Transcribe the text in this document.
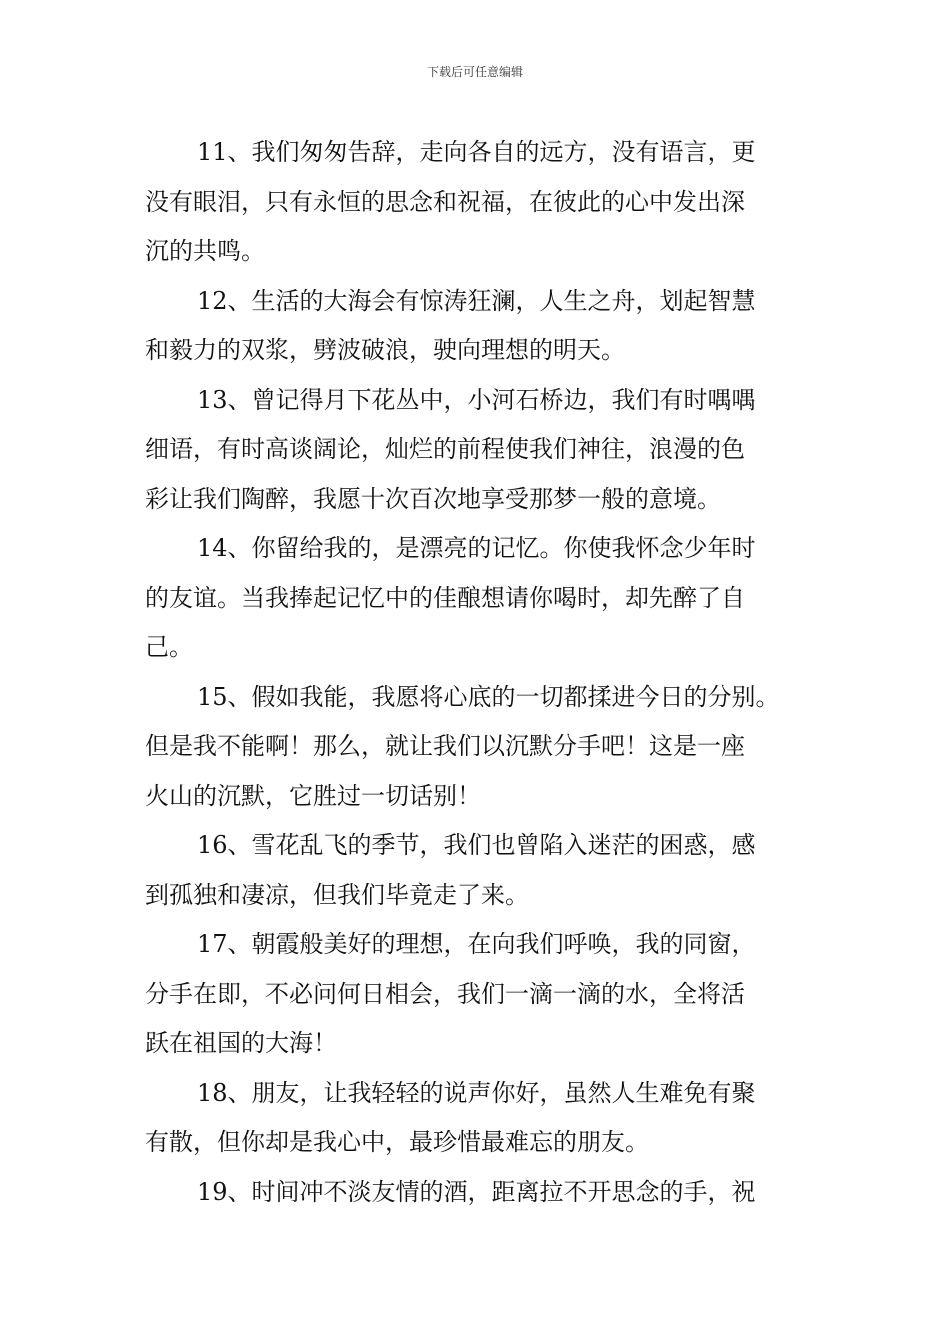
下载后可任意编辑
11、我们匆匆告辞，走向各自的远方，没有语言，更
没有眼泪，只有永恒的思念和祝福，在彼此的心中发出深
沉的共鸣。
12、生活的大海会有惊涛狂澜，人生之舟，划起智慧
和毅力的双浆，劈波破浪，驶向理想的明天。
13、曾记得月下花丛中，小河石桥边，我们有时喁喁
细语，有时高谈阔论，灿烂的前程使我们神往，浪漫的色
彩让我们陶醉，我愿十次百次地享受那梦一般的意境。
14、你留给我的，是漂亮的记忆。你使我怀念少年时
的友谊。当我捧起记忆中的佳酿想请你喝时，却先醉了自
己。
15、假如我能，我愿将心底的一切都揉进今日的分别。
但是我不能啊！那么，就让我们以沉默分手吧！这是一座
火山的沉默，它胜过一切话别！
16、雪花乱飞的季节，我们也曾陷入迷茫的困惑，感
到孤独和凄凉，但我们毕竟走了来。
17、朝霞般美好的理想，在向我们呼唤，我的同窗，
分手在即，不必问何日相会，我们一滴一滴的水，全将活
跃在祖国的大海！
18、朋友，让我轻轻的说声你好，虽然人生难免有聚
有散，但你却是我心中，最珍惜最难忘的朋友。
19、时间冲不淡友情的酒，距离拉不开思念的手，祝
